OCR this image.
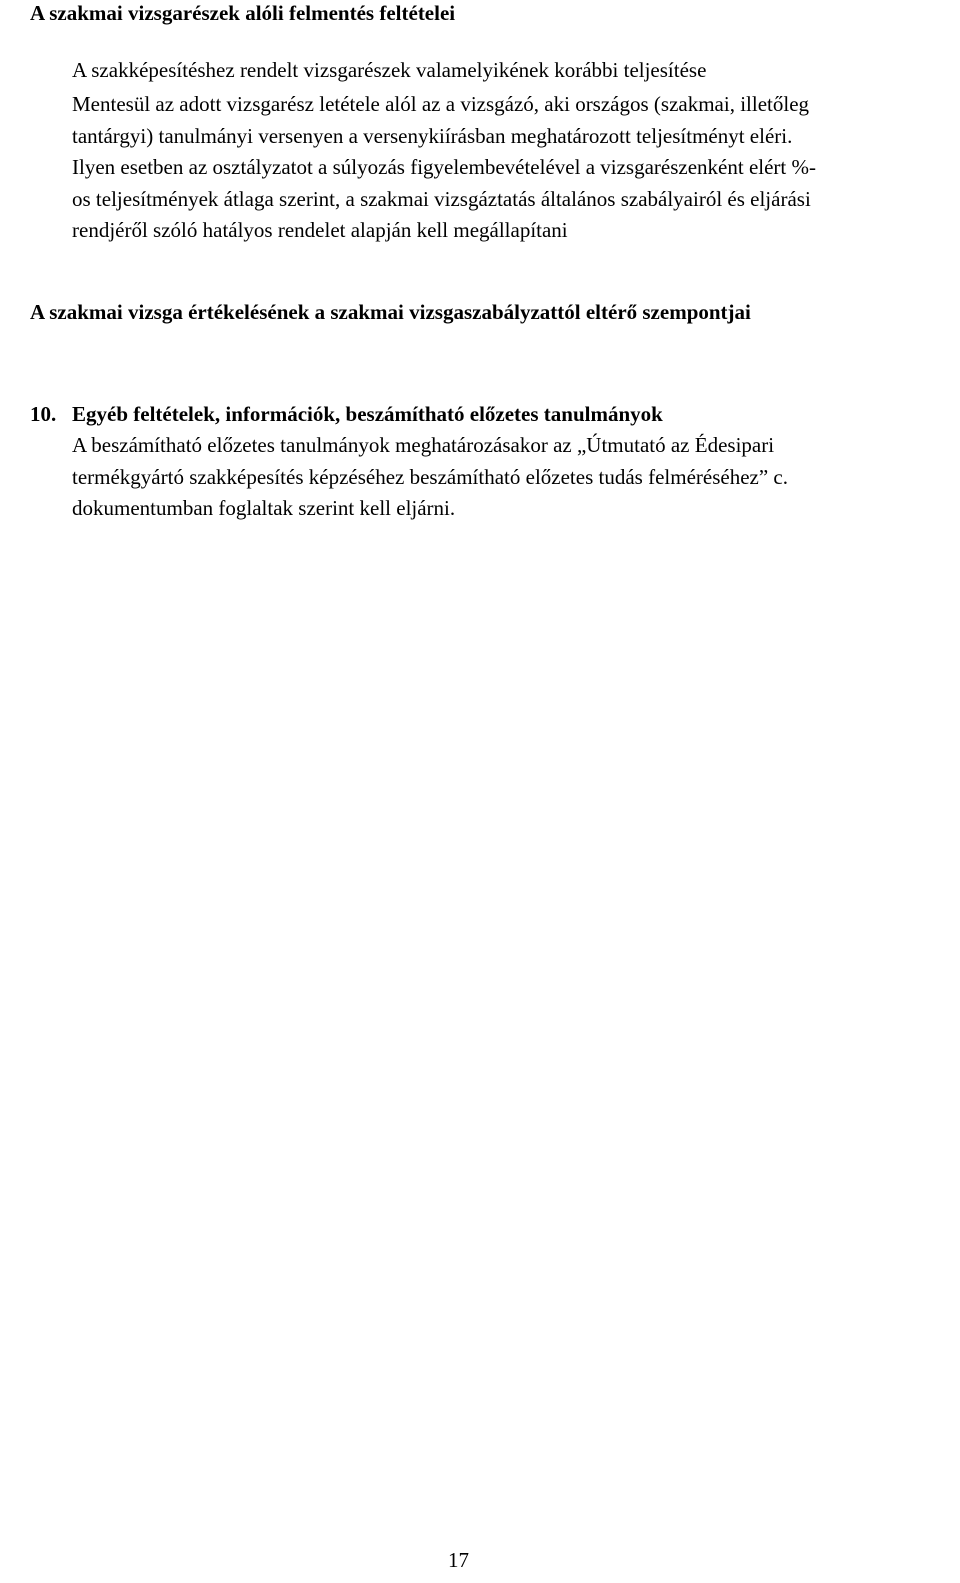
A szakmai vizsgarészek alóli felmentés feltételei
A szakképesítéshez rendelt vizsgarészek valamelyikének korábbi teljesítése
Mentesül az adott vizsgarész letétele alól az a vizsgázó, aki országos (szakmai, illetőleg
tantárgyi) tanulmányi versenyen a versenykiírásban meghatározott teljesítményt eléri.
Ilyen esetben az osztályzatot a súlyozás figyelembevételével a vizsgarészenként elért %-
os teljesítmények átlaga szerint, a szakmai vizsgáztatás általános szabályairól és eljárási
rendjéről szóló hatályos rendelet alapján kell megállapítani
A szakmai vizsga értékelésének a szakmai vizsgaszabályzattól eltérő szempontjai
10. Egyéb feltételek, információk, beszámítható előzetes tanulmányok
A beszámítható előzetes tanulmányok meghatározásakor az „Útmutató az Édesipari
termékgyártó szakképesítés képzéséhez beszámítható előzetes tudás felméréséhez” c.
dokumentumban foglaltak szerint kell eljárni.
17
